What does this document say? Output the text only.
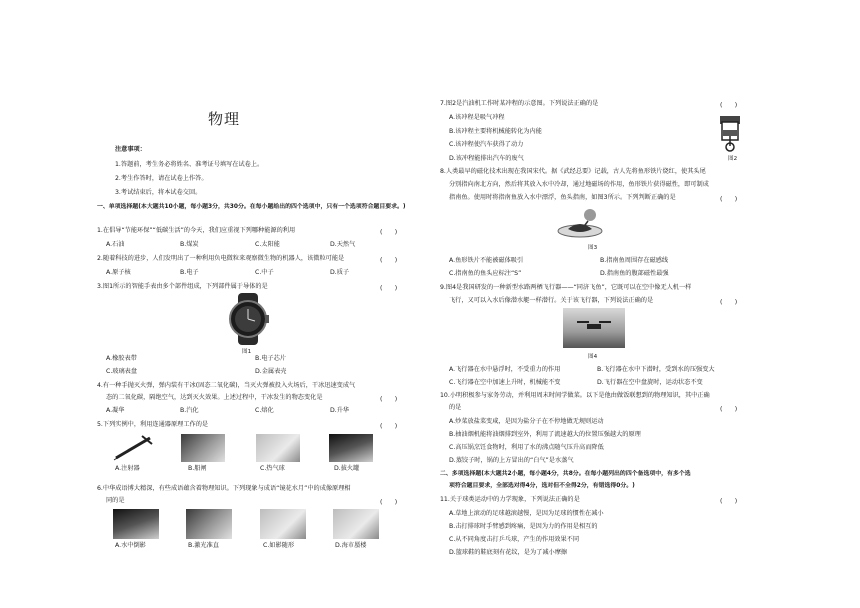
物理
注意事项：
1.答题前，考生务必将姓名、准考证号填写在试卷上。
2.考生作答时，请在试卷上作答。
3.考试结束后，将本试卷交回。
一、单项选择题(本大题共10小题，每小题3分，共30分。在每小题给出的四个选项中，只有一个选项符合题目要求。)
1.在倡导“节能环保”“低碳生活”的今天，我们应重视下列哪种能源的利用	(　　)
A.石油	B.煤炭	C.太阳能	D.天然气
2.随着科技的进步，人们发明出了一种利用负电微粒来观察微生物的机器人，该微粒可能是	(　　)
A.原子核	B.电子	C.中子	D.质子
3.图1所示的智能手表由多个部件组成，下列部件属于导体的是	(　　)
图1
A.橡胶表带	B.电子芯片
C.玻璃表盘	D.金属表壳
4.有一种手抛灭火弹，弹内装有干冰(固态二氧化碳)，当灭火弹被投入火场后，干冰迅速变成气
态的二氧化碳，隔绝空气，达到灭火效果。上述过程中，干冰发生的物态变化是	(　　)
A.凝华	B.汽化	C.熔化	D.升华
5.下列实例中，利用连通器原理工作的是	(　　)
A.注射器	B.船闸	C.热气球	D.拔火罐
6.中华成语博大精深，有些成语蕴含着物理知识。下列现象与成语“镜花水月”中的成像原理相
同的是	(　　)
A.水中倒影	B.激光准直	C.如影随形	D.海市蜃楼
7.图2是汽油机工作时某冲程的示意图。下列说法正确的是	(　　)
A.该冲程是吸气冲程
B.该冲程主要将机械能转化为内能
C.该冲程使汽车获得了动力
D.该冲程能排出汽车的废气	图2
8.人类最早的磁化技术出现在我国宋代。据《武经总要》记载，古人先将鱼形铁片烧红，使其头尾
分别指向南北方向，然后将其放入水中冷却，通过地磁场的作用，鱼形铁片获得磁性，即可制成
指南鱼。使用时将指南鱼放入水中漂浮，鱼头指南，如图3所示。下列判断正确的是	(　　)
图3
A.鱼形铁片不能被磁体吸引	B.指南鱼周围存在磁感线
C.指南鱼的鱼头应标注“S”	D.指南鱼的腹部磁性最强
9.图4是我国研发的一种新型水路两栖飞行器——“同济飞鱼”，它既可以在空中像无人机一样
飞行，又可以入水后像潜水艇一样潜行。关于该飞行器，下列说法正确的是	(　　)
图4
A.飞行器在水中悬浮时，不受重力的作用	B.飞行器在水中下潜时，受到水的压强变大
C.飞行器在空中加速上升时，机械能不变	D.飞行器在空中盘旋时，运动状态不变
10.小明积极参与家务劳动，并利用周末时间学做菜。以下是他由做饭联想到的物理知识，其中正确
的是	(　　)
A.炒菜放盐菜变咸，是因为盐分子在不停地做无规则运动
B.抽油烟机能将油烟排到室外，利用了流速越大的位置压强越大的原理
C.高压锅烹饪食物时，利用了水的沸点随气压升高而降低
D.蒸饺子时，锅的上方冒出的“白气”是水蒸气
二、多项选择题(本大题共2小题，每小题4分，共8分。在每小题列出的四个备选项中，有多个选
项符合题目要求，全部选对得4分，选对但不全得2分，有错选得0分。)
11.关于球类运动中的力学现象，下列说法正确的是	(　　)
A.草地上滚动的足球越滚越慢，是因为足球的惯性在减小
B.击打排球时手臂感到疼痛，是因为力的作用是相互的
C.从不同角度击打乒乓球，产生的作用效果不同
D.篮球鞋的鞋底刻有花纹，是为了减小摩擦
